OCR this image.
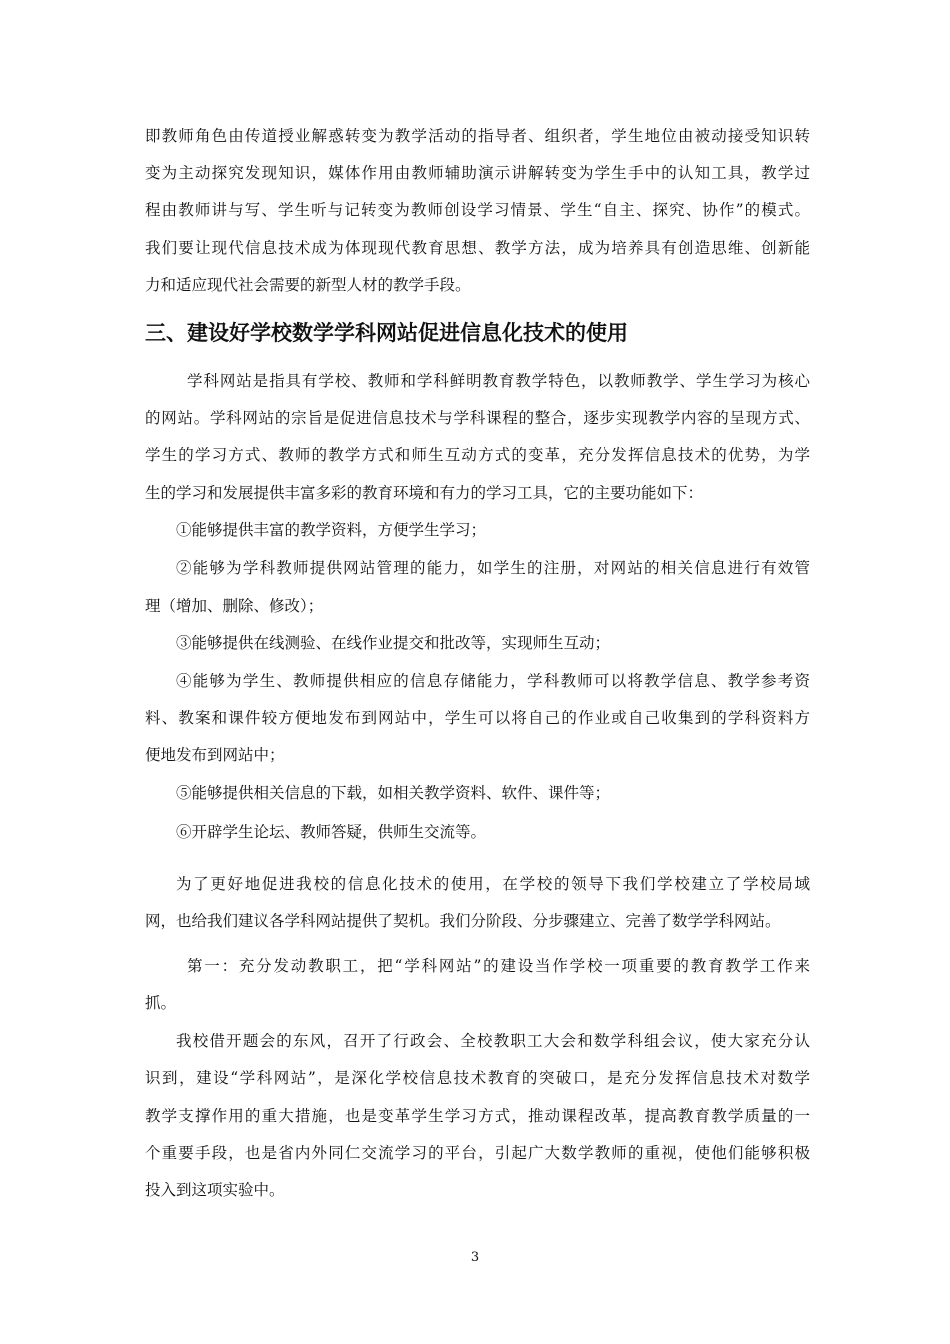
即教师角色由传道授业解惑转变为教学活动的指导者、组织者，学生地位由被动接受知识转
变为主动探究发现知识，媒体作用由教师辅助演示讲解转变为学生手中的认知工具，教学过
程由教师讲与写、学生听与记转变为教师创设学习情景、学生“自主、探究、协作”的模式。
我们要让现代信息技术成为体现现代教育思想、教学方法，成为培养具有创造思维、创新能
力和适应现代社会需要的新型人材的教学手段。
三、建设好学校数学学科网站促进信息化技术的使用
学科网站是指具有学校、教师和学科鲜明教育教学特色，以教师教学、学生学习为核心
的网站。学科网站的宗旨是促进信息技术与学科课程的整合，逐步实现教学内容的呈现方式、
学生的学习方式、教师的教学方式和师生互动方式的变革，充分发挥信息技术的优势，为学
生的学习和发展提供丰富多彩的教育环境和有力的学习工具，它的主要功能如下：
①能够提供丰富的教学资料，方便学生学习；
②能够为学科教师提供网站管理的能力，如学生的注册，对网站的相关信息进行有效管
理（增加、删除、修改）；
③能够提供在线测验、在线作业提交和批改等，实现师生互动；
④能够为学生、教师提供相应的信息存储能力，学科教师可以将教学信息、教学参考资
料、教案和课件较方便地发布到网站中，学生可以将自己的作业或自己收集到的学科资料方
便地发布到网站中；
⑤能够提供相关信息的下载，如相关教学资料、软件、课件等；
⑥开辟学生论坛、教师答疑，供师生交流等。
为了更好地促进我校的信息化技术的使用，在学校的领导下我们学校建立了学校局域
网，也给我们建议各学科网站提供了契机。我们分阶段、分步骤建立、完善了数学学科网站。
第一：充分发动教职工，把“学科网站”的建设当作学校一项重要的教育教学工作来
抓。
我校借开题会的东风，召开了行政会、全校教职工大会和数学科组会议，使大家充分认
识到，建设“学科网站”，是深化学校信息技术教育的突破口，是充分发挥信息技术对数学
教学支撑作用的重大措施，也是变革学生学习方式，推动课程改革，提高教育教学质量的一
个重要手段，也是省内外同仁交流学习的平台，引起广大数学教师的重视，使他们能够积极
投入到这项实验中。
3
